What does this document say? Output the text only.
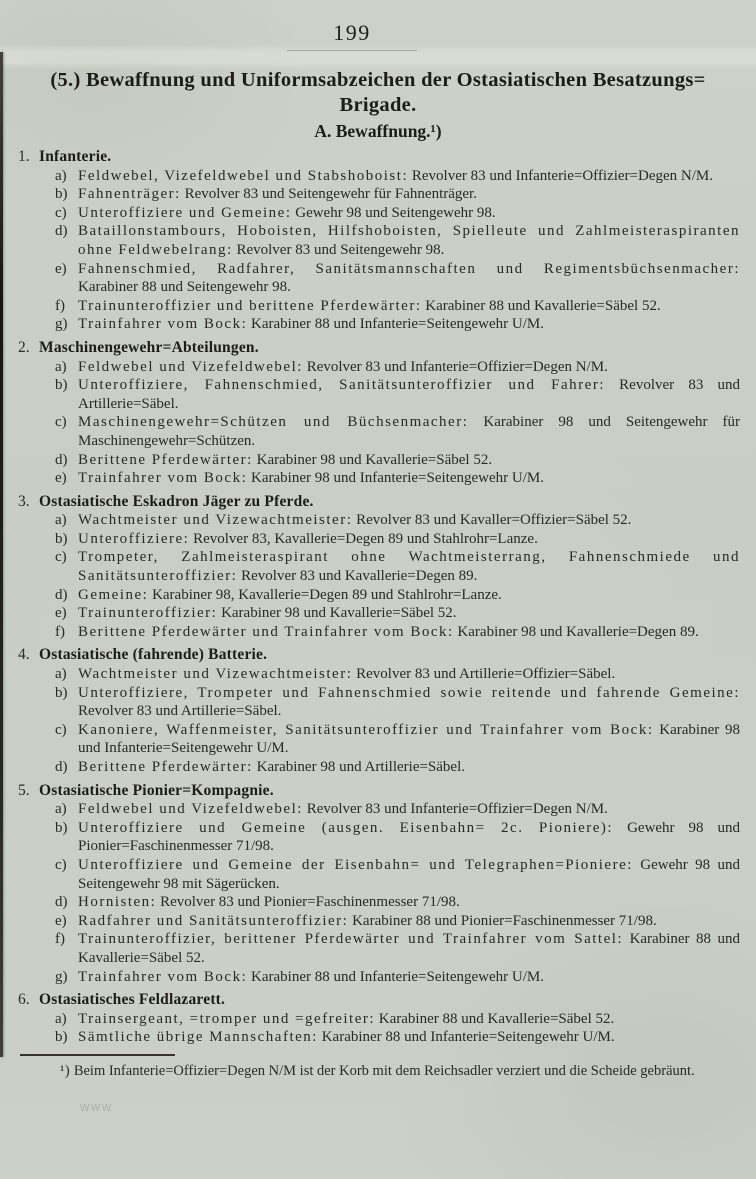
199
(5.) Bewaffnung und Uniformsabzeichen der Ostasiatischen Besatzungs=
Brigade.
A. Bewaffnung.¹)
1. Infanterie.
a) Feldwebel, Vizefeldwebel und Stabshoboist: Revolver 83 und Infanterie=Offizier=Degen N/M.
b) Fahnenträger: Revolver 83 und Seitengewehr für Fahnenträger.
c) Unteroffiziere und Gemeine: Gewehr 98 und Seitengewehr 98.
d) Bataillonstambours, Hoboisten, Hilfshoboisten, Spielleute und Zahlmeisteraspiranten ohne Feldwebelrang: Revolver 83 und Seitengewehr 98.
e) Fahnenschmied, Radfahrer, Sanitätsmannschaften und Regimentsbüchsenmacher: Karabiner 88 und Seitengewehr 98.
f) Trainunteroffizier und berittene Pferdewärter: Karabiner 88 und Kavallerie=Säbel 52.
g) Trainfahrer vom Bock: Karabiner 88 und Infanterie=Seitengewehr U/M.
2. Maschinengewehr=Abteilungen.
a) Feldwebel und Vizefeldwebel: Revolver 83 und Infanterie=Offizier=Degen N/M.
b) Unteroffiziere, Fahnenschmied, Sanitätsunteroffizier und Fahrer: Revolver 83 und Artillerie=Säbel.
c) Maschinengewehr=Schützen und Büchsenmacher: Karabiner 98 und Seitengewehr für Maschinengewehr=Schützen.
d) Berittene Pferdewärter: Karabiner 98 und Kavallerie=Säbel 52.
e) Trainfahrer vom Bock: Karabiner 98 und Infanterie=Seitengewehr U/M.
3. Ostasiatische Eskadron Jäger zu Pferde.
a) Wachtmeister und Vizewachtmeister: Revolver 83 und Kavaller=Offizier=Säbel 52.
b) Unteroffiziere: Revolver 83, Kavallerie=Degen 89 und Stahlrohr=Lanze.
c) Trompeter, Zahlmeisteraspirant ohne Wachtmeisterrang, Fahnenschmiede und Sanitätsunteroffizier: Revolver 83 und Kavallerie=Degen 89.
d) Gemeine: Karabiner 98, Kavallerie=Degen 89 und Stahlrohr=Lanze.
e) Trainunteroffizier: Karabiner 98 und Kavallerie=Säbel 52.
f) Berittene Pferdewärter und Trainfahrer vom Bock: Karabiner 98 und Kavallerie=Degen 89.
4. Ostasiatische (fahrende) Batterie.
a) Wachtmeister und Vizewachtmeister: Revolver 83 und Artillerie=Offizier=Säbel.
b) Unteroffiziere, Trompeter und Fahnenschmied sowie reitende und fahrende Gemeine: Revolver 83 und Artillerie=Säbel.
c) Kanoniere, Waffenmeister, Sanitätsunteroffizier und Trainfahrer vom Bock: Karabiner 98 und Infanterie=Seitengewehr U/M.
d) Berittene Pferdewärter: Karabiner 98 und Artillerie=Säbel.
5. Ostasiatische Pionier=Kompagnie.
a) Feldwebel und Vizefeldwebel: Revolver 83 und Infanterie=Offizier=Degen N/M.
b) Unteroffiziere und Gemeine (ausgen. Eisenbahn= 2c. Pioniere): Gewehr 98 und Pionier=Faschinenmesser 71/98.
c) Unteroffiziere und Gemeine der Eisenbahn= und Telegraphen=Pioniere: Gewehr 98 und Seitengewehr 98 mit Sägerücken.
d) Hornisten: Revolver 83 und Pionier=Faschinenmesser 71/98.
e) Radfahrer und Sanitätsunteroffizier: Karabiner 88 und Pionier=Faschinenmesser 71/98.
f) Trainunteroffizier, berittener Pferdewärter und Trainfahrer vom Sattel: Karabiner 88 und Kavallerie=Säbel 52.
g) Trainfahrer vom Bock: Karabiner 88 und Infanterie=Seitengewehr U/M.
6. Ostasiatisches Feldlazarett.
a) Trainsergeant, =tromper und =gefreiter: Karabiner 88 und Kavallerie=Säbel 52.
b) Sämtliche übrige Mannschaften: Karabiner 88 und Infanterie=Seitengewehr U/M.

¹) Beim Infanterie=Offizier=Degen N/M ist der Korb mit dem Reichsadler verziert und die Scheide gebräunt.

www
